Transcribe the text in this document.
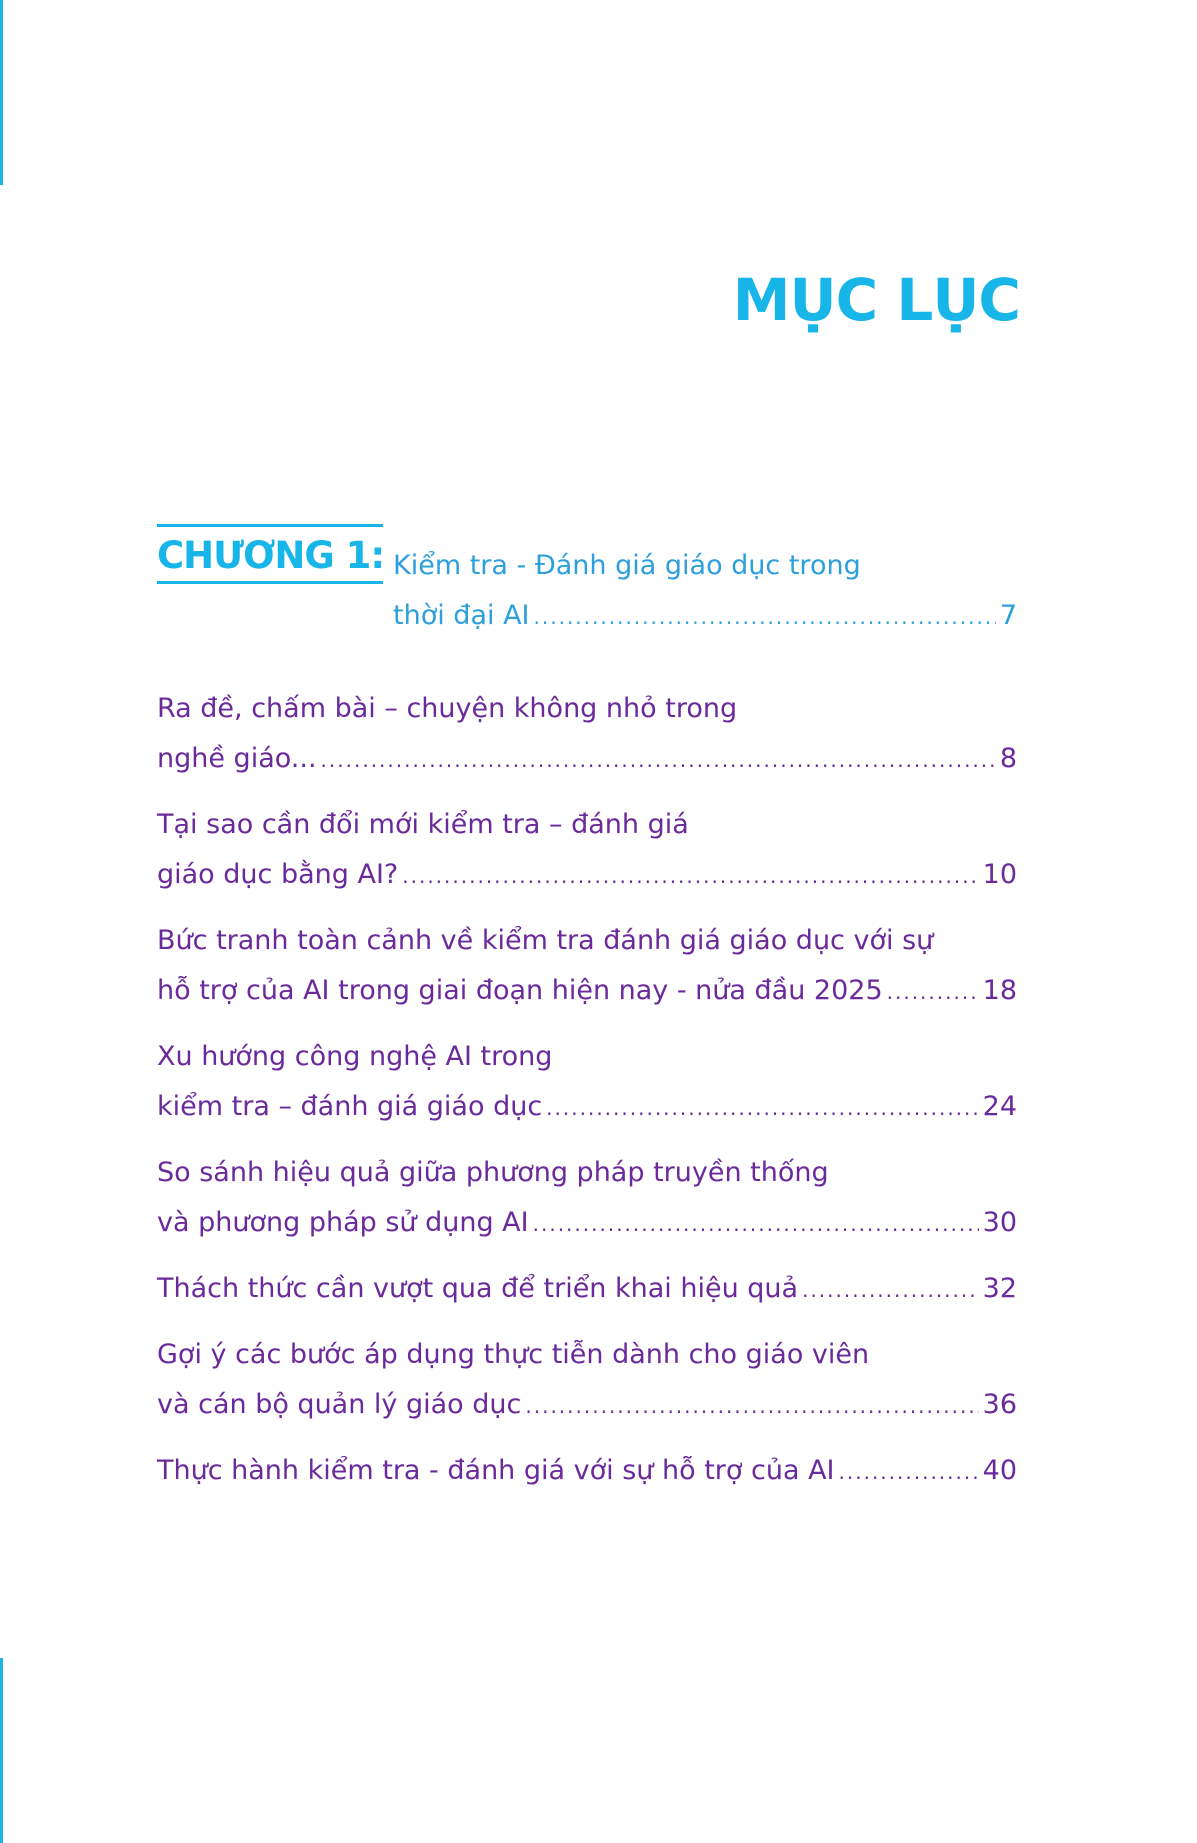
MỤC LỤC
CHƯƠNG 1: Kiểm tra - Đánh giá giáo dục trong
thời đại AI .....	7
Ra đề, chấm bài – chuyện không nhỏ trong
nghề giáo... .....	8
Tại sao cần đổi mới kiểm tra – đánh giá
giáo dục bằng AI? .....	10
Bức tranh toàn cảnh về kiểm tra đánh giá giáo dục với sự
hỗ trợ của AI trong giai đoạn hiện nay - nửa đầu 2025 .....	18
Xu hướng công nghệ AI trong
kiểm tra – đánh giá giáo dục .....	24
So sánh hiệu quả giữa phương pháp truyền thống
và phương pháp sử dụng AI .....	30
Thách thức cần vượt qua để triển khai hiệu quả .....	32
Gợi ý các bước áp dụng thực tiễn dành cho giáo viên
và cán bộ quản lý giáo dục .....	36
Thực hành kiểm tra - đánh giá với sự hỗ trợ của AI .....	40
